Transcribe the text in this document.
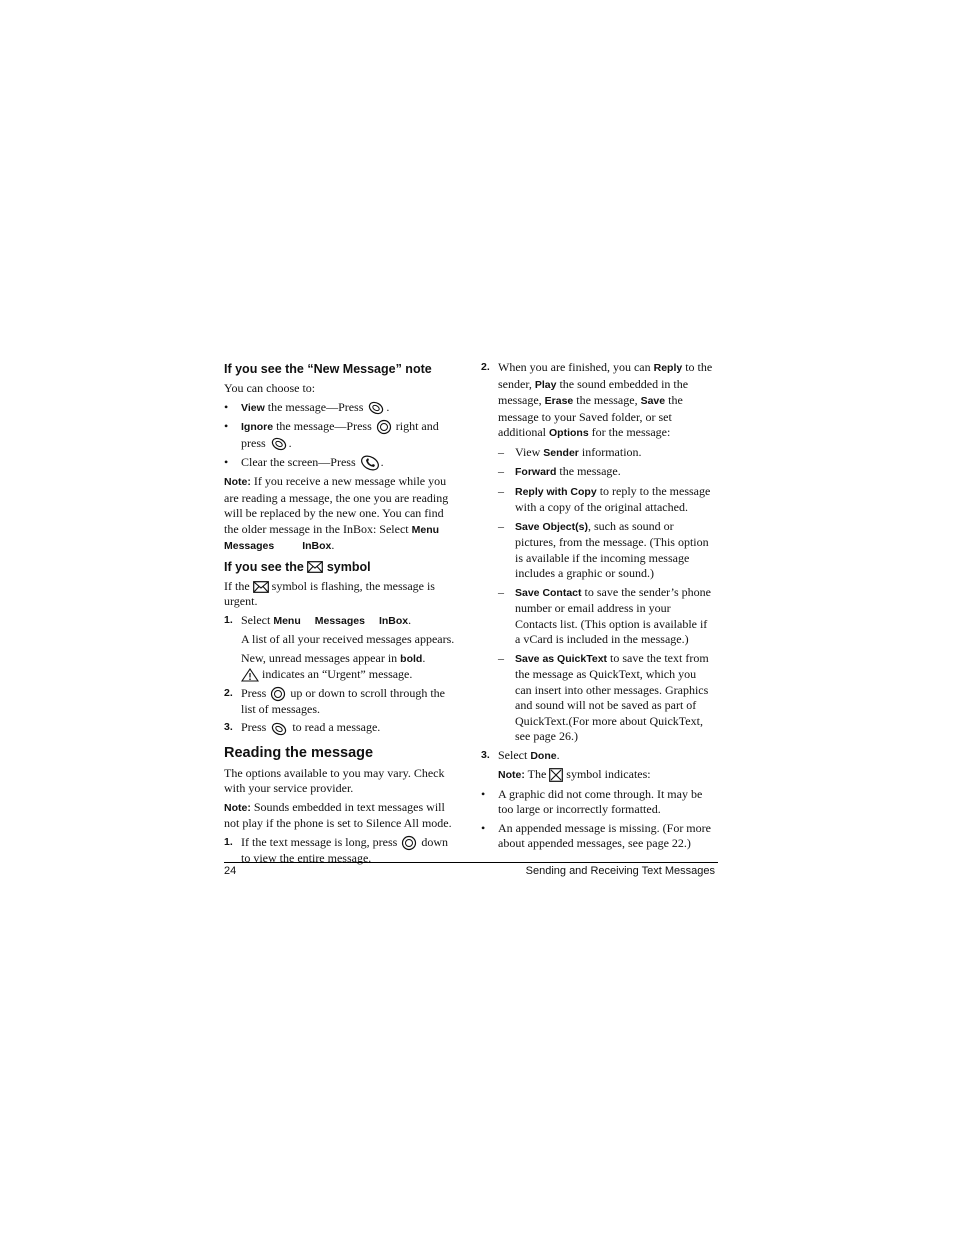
If you see the “New Message” note

You can choose to:

•	View the message—Press .
•	Ignore the message—Press  right and press .
•	Clear the screen—Press .

Note: If you receive a new message while you are reading a message, the one you are reading will be replaced by the new one. You can find the older message in the InBox: Select Menu
Messages	InBox.

If you see the symbol

If the  symbol is flashing, the message is urgent.

1. Select Menu Messages InBox.

A list of all your received messages appears.

New, unread messages appear in bold.
indicates an “Urgent” message.

2. Press  up or down to scroll through the list of messages.
3. Press  to read a message.
Reading the message

The options available to you may vary. Check with your service provider.

Note: Sounds embedded in text messages will not play if the phone is set to Silence All mode.

1. If the text message is long, press  down to view the entire message.
2. When you are finished, you can Reply to the sender, Play the sound embedded in the message, Erase the message, Save the message to your Saved folder, or set additional Options for the message:
– View Sender information.
–	Forward the message.
–	Reply with Copy to reply to the message with a copy of the original attached.
–	Save Object(s), such as sound or pictures, from the message. (This option is available if the incoming message includes a graphic or sound.)
–	Save Contact to save the sender’s phone number or email address in your Contacts list. (This option is available if a vCard is included in the message.)
–	Save as QuickText to save the text from the message as QuickText, which you can insert into other messages. Graphics and sound will not be saved as part of QuickText.(For more about QuickText, see page 26.)
3. Select Done.

Note: The  symbol indicates:

•	A graphic did not come through. It may be too large or incorrectly formatted.
•	An appended message is missing. (For more about appended messages, see page 22.)
24	Sending and Receiving Text Messages
